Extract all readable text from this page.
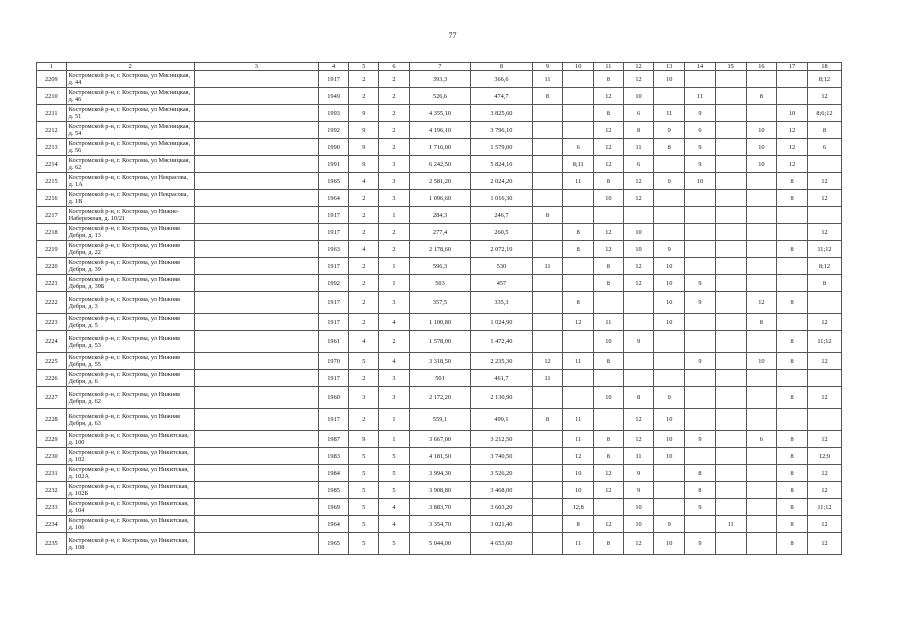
77
1	2	3	4	5	6	7	8	9	10	11	12	13	14	15	16	17	18
2209	Костромской р-н, г. Кострома, ул Мясницкая, д. 44		1917	2	2	393,3	366,6	11		8	12	10					8;12
2210	Костромской р-н, г. Кострома, ул Мясницкая, д. 46		1949	2	2	526,6	474,7	8		12	10		11		8		12
2211	Костромской р-н, г. Кострома, ул Мясницкая, д. 51		1993	9	2	4 355,10	3 825,60			8	6	11	9			10	8;6;12
2212	Костромской р-н, г. Кострома, ул Мясницкая, д. 54		1992	9	2	4 196,10	3 796,10			12	8	9	6		10	12	8
2213	Костромской р-н, г. Кострома, ул Мясницкая, д. 56		1990	9	2	1 716,00	1 579,00		6	12	11	8	9		10	12	6
2214	Костромской р-н, г. Кострома, ул Мясницкая, д. 62		1991	9	3	6 242,50	5 824,10		8;11	12	6		9		10	12	
2215	Костромской р-н, г. Кострома, ул Некрасова, д. 1А		1965	4	3	2 581,20	2 024,20		11	8	12	9	10			8	12
2216	Костромской р-н, г. Кострома, ул Некрасова, д. 1В		1964	2	3	1 096,60	1 016,30			10	12					8	12
2217	Костромской р-н, г. Кострома, ул Нижне-Набережная, д. 10/21		1917	2	1	284,3	246,7	8									
2218	Костромской р-н, г. Кострома, ул Нижняя Дебря, д. 13		1917	2	2	277,4	260,5		8	12	10						12
2219	Костромской р-н, г. Кострома, ул Нижняя Дебря, д. 22		1963	4	2	2 178,60	2 072,10		8	12	10	9				8	11;12
2220	Костромской р-н, г. Кострома, ул Нижняя Дебря, д. 39		1917	2	1	596,3	530	11		8	12	10					8;12
2221	Костромской р-н, г. Кострома, ул Нижняя Дебря, д. 39Б		1992	2	1	503	457			8	12	10	9				8
2222	Костромской р-н, г. Кострома, ул Нижняя Дебря, д. 3		1917	2	3	357,5	335,3		8			10	9		12	8	
2223	Костромской р-н, г. Кострома, ул Нижняя Дебря, д. 5		1917	2	4	1 100,80	1 024,90		12	11		10			8		12
2224	Костромской р-н, г. Кострома, ул Нижняя Дебря, д. 53		1961	4	2	1 578,00	1 472,40			10	9					8	11;12
2225	Костромской р-н, г. Кострома, ул Нижняя Дебря, д. 55		1970	5	4	3 318,50	2 235,30	12	11	8			9		10	8	12
2226	Костромской р-н, г. Кострома, ул Нижняя Дебря, д. 6		1917	2	3	501	461,7	11									
2227	Костромской р-н, г. Кострома, ул Нижняя Дебря, д. 62		1960	3	3	2 172,20	2 130,90			10	8	9				8	12
2228	Костромской р-н, г. Кострома, ул Нижняя Дебря, д. 63		1917	2	1	559,1	499,1	8	11		12	10					
2229	Костромской р-н, г. Кострома, ул Никитская, д. 100		1987	9	1	3 667,00	3 212,50		11	8	12	10	9		6	8	12
2230	Костромской р-н, г. Кострома, ул Никитская, д. 102		1983	5	5	4 181,50	3 740,50		12	8	11	10				8	12;9
2231	Костромской р-н, г. Кострома, ул Никитская, д. 102А		1984	5	5	3 994,30	3 526,20		10	12	9		8			8	12
2232	Костромской р-н, г. Кострома, ул Никитская, д. 102Б		1985	5	5	3 908,80	3 468,00		10	12	9		8			8	12
2233	Костромской р-н, г. Кострома, ул Никитская, д. 104		1969	5	4	3 883,70	3 603,20		12;8		10		9			8	11;12
2234	Костромской р-н, г. Кострома, ул Никитская, д. 106		1964	5	4	3 354,70	3 021,40		8	12	10	9		11		8	12
2235	Костромской р-н, г. Кострома, ул Никитская, д. 108		1965	5	5	5 044,00	4 653,60		11	8	12	10	9			8	12
